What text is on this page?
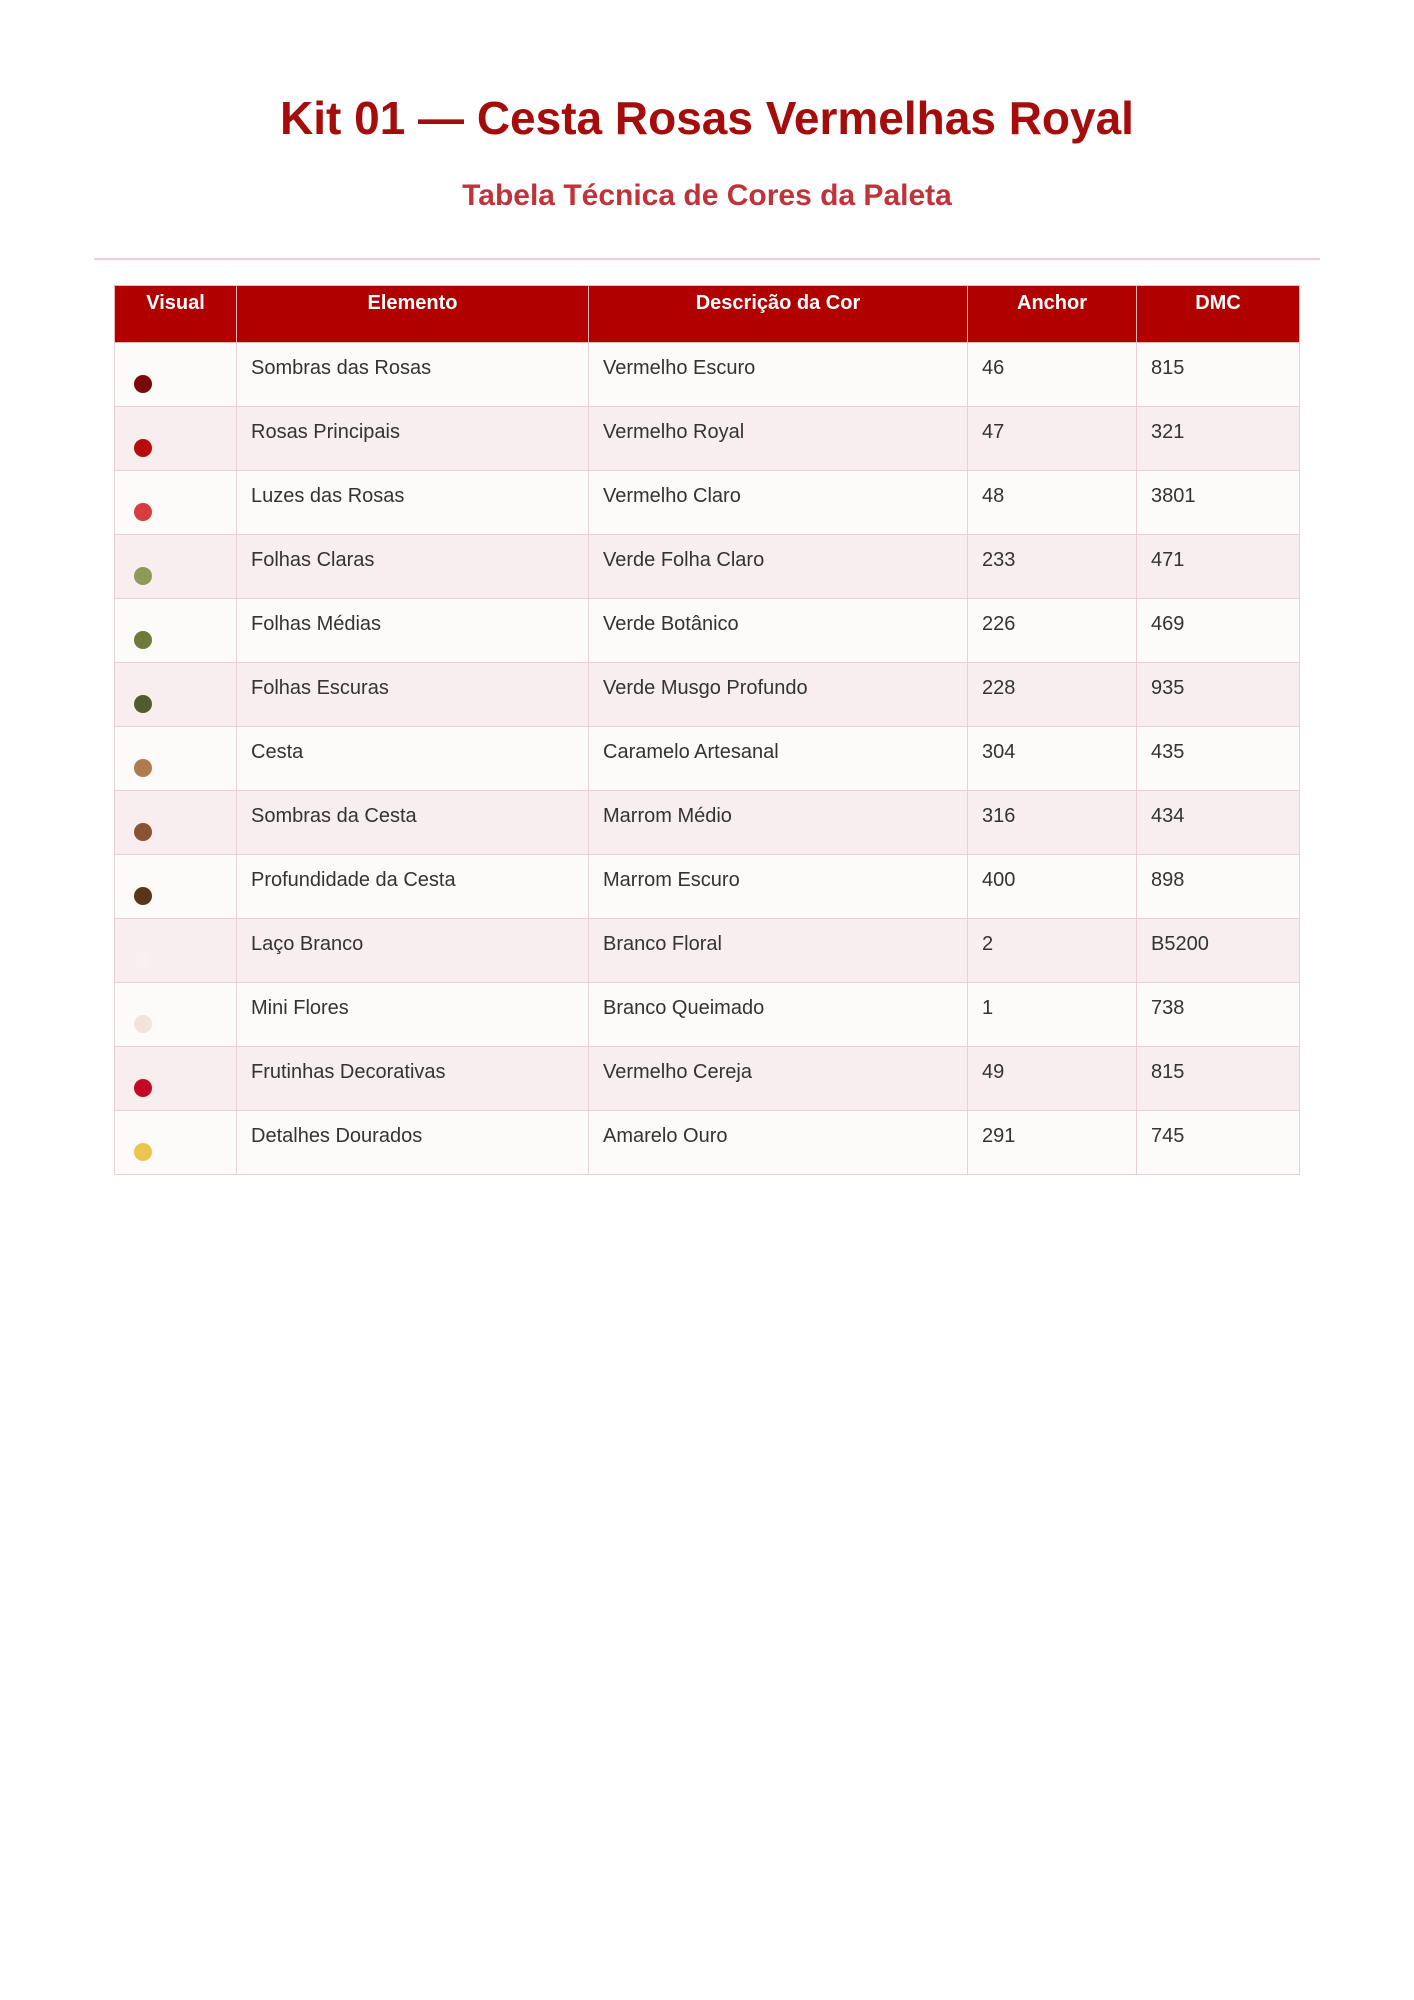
Kit 01 — Cesta Rosas Vermelhas Royal
Tabela Técnica de Cores da Paleta
Visual	Elemento	Descrição da Cor	Anchor	DMC
	Sombras das Rosas	Vermelho Escuro	46	815
	Rosas Principais	Vermelho Royal	47	321
	Luzes das Rosas	Vermelho Claro	48	3801
	Folhas Claras	Verde Folha Claro	233	471
	Folhas Médias	Verde Botânico	226	469
	Folhas Escuras	Verde Musgo Profundo	228	935
	Cesta	Caramelo Artesanal	304	435
	Sombras da Cesta	Marrom Médio	316	434
	Profundidade da Cesta	Marrom Escuro	400	898
	Laço Branco	Branco Floral	2	B5200
	Mini Flores	Branco Queimado	1	738
	Frutinhas Decorativas	Vermelho Cereja	49	815
	Detalhes Dourados	Amarelo Ouro	291	745
